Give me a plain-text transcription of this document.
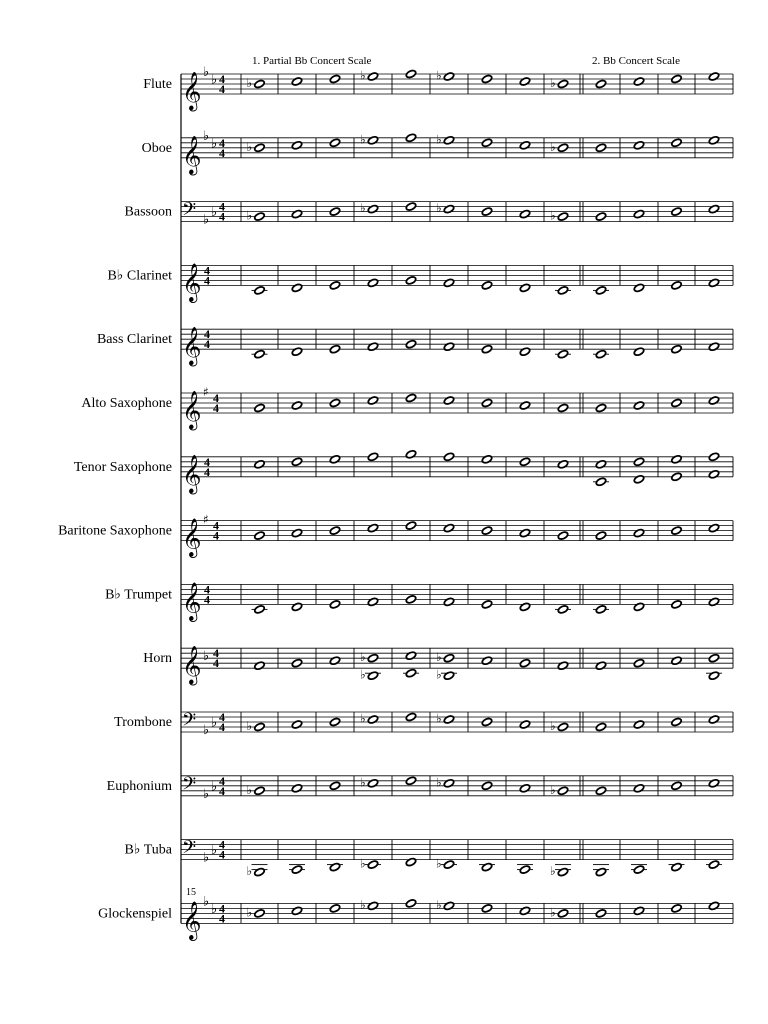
1. Partial Bb Concert Scale	2. Bb Concert Scale
15
Flute 𝄞 ♭ ♭ 4
4 ♭
♭	♭
♭
Oboe 𝄞 ♭ ♭ 4
4 ♭
♭	♭
♭
Bassoon 𝄢 ♭ ♭ 4
4 ♭
♭	♭
♭
B♭ Clarinet 𝄞 4
4
Bass Clarinet 𝄞 4
4
Alto Saxophone 𝄞 ♯ 4
4
Tenor Saxophone 𝄞 4
4
Baritone Saxophone 𝄞 ♯ 4
4
B♭ Trumpet 𝄞 4
4
Horn 𝄞 ♭ 4
4	♭
♭
♭
♭
Trombone 𝄢 ♭ ♭ 4
4 ♭
♭	♭
♭
Euphonium 𝄢 ♭ ♭ 4
4 ♭
♭	♭
♭
B♭ Tuba 𝄢 ♭ ♭ 4
4
♭
♭	♭
♭
Glockenspiel 𝄞 ♭ ♭ 4
4 ♭
♭	♭
♭
